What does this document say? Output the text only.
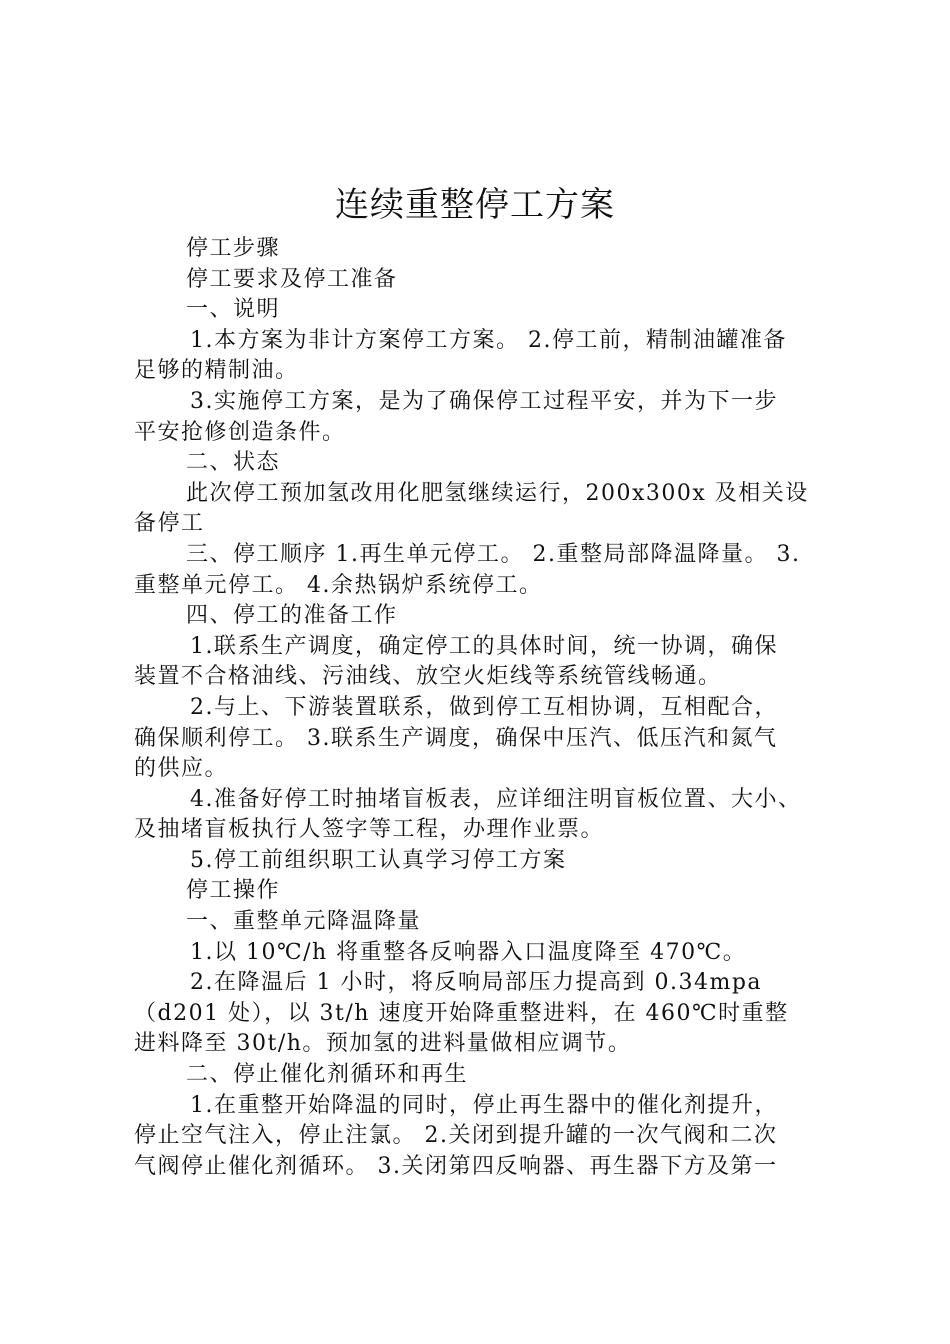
连续重整停工方案

停工步骤

停工要求及停工准备

一、说明

1.本方案为非计方案停工方案。 2.停工前，精制油罐准备

足够的精制油。

3.实施停工方案，是为了确保停工过程平安，并为下一步

平安抢修创造条件。

二、状态

此次停工预加氢改用化肥氢继续运行，200x300x 及相关设

备停工

三、停工顺序 1.再生单元停工。 2.重整局部降温降量。 3.

重整单元停工。 4.余热锅炉系统停工。

四、停工的准备工作

1.联系生产调度，确定停工的具体时间，统一协调，确保

装置不合格油线、污油线、放空火炬线等系统管线畅通。

2.与上、下游装置联系，做到停工互相协调，互相配合，

确保顺利停工。 3.联系生产调度，确保中压汽、低压汽和氮气

的供应。

4.准备好停工时抽堵盲板表，应详细注明盲板位置、大小、

及抽堵盲板执行人签字等工程，办理作业票。

5.停工前组织职工认真学习停工方案

停工操作

一、重整单元降温降量

1.以 10℃/h 将重整各反响器入口温度降至 470℃。

2.在降温后 1 小时，将反响局部压力提高到 0.34mpa

（d201 处），以 3t/h 速度开始降重整进料，在 460℃时重整

进料降至 30t/h。预加氢的进料量做相应调节。

二、停止催化剂循环和再生

1.在重整开始降温的同时，停止再生器中的催化剂提升，

停止空气注入，停止注氯。 2.关闭到提升罐的一次气阀和二次

气阀停止催化剂循环。 3.关闭第四反响器、再生器下方及第一
